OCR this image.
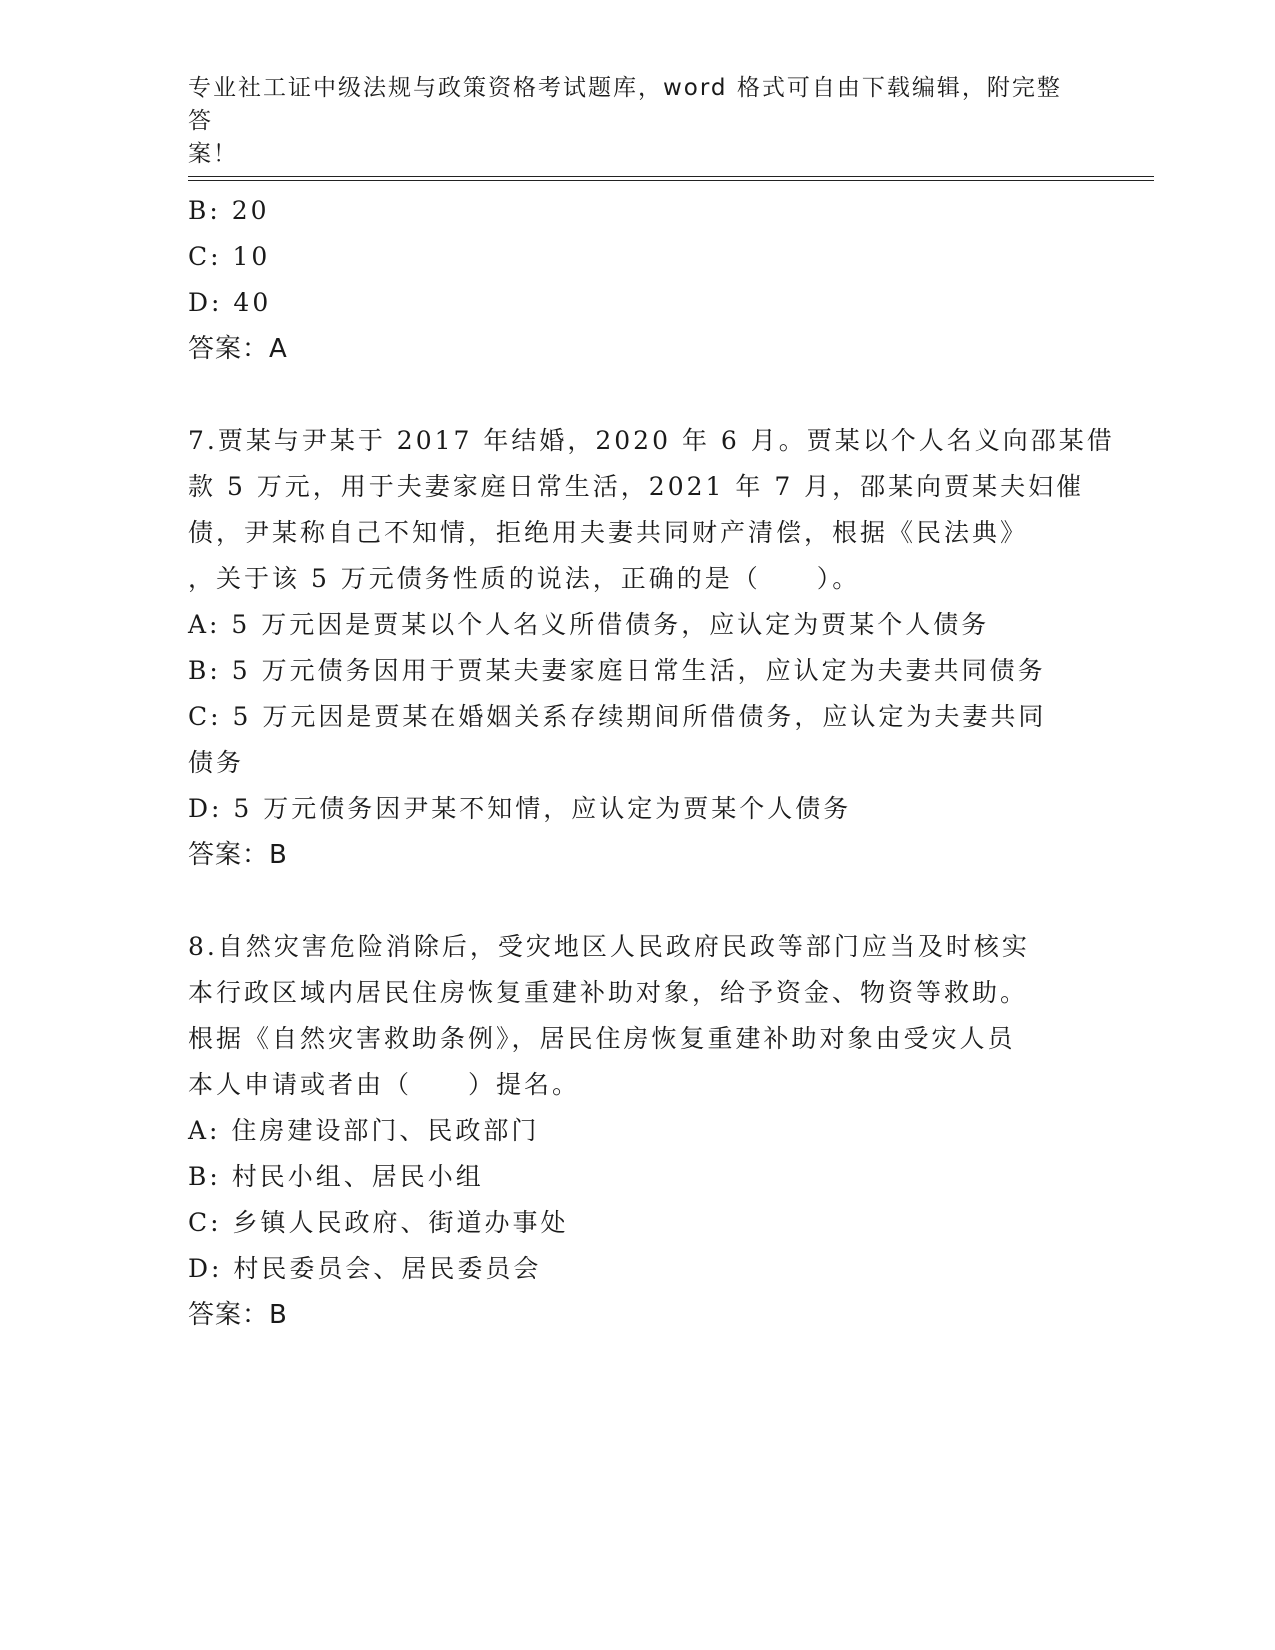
专业社工证中级法规与政策资格考试题库，word 格式可自由下载编辑，附完整答
案！
B: 20
C: 10
D: 40
答案：A
7.贾某与尹某于 2017 年结婚，2020 年 6 月。贾某以个人名义向邵某借
款 5 万元，用于夫妻家庭日常生活，2021 年 7 月，邵某向贾某夫妇催
债，尹某称自己不知情，拒绝用夫妻共同财产清偿，根据《民法典》
，关于该 5 万元债务性质的说法，正确的是（　　）。
A: 5 万元因是贾某以个人名义所借债务，应认定为贾某个人债务
B: 5 万元债务因用于贾某夫妻家庭日常生活，应认定为夫妻共同债务
C: 5 万元因是贾某在婚姻关系存续期间所借债务，应认定为夫妻共同
债务
D: 5 万元债务因尹某不知情，应认定为贾某个人债务
答案：B
8.自然灾害危险消除后，受灾地区人民政府民政等部门应当及时核实
本行政区域内居民住房恢复重建补助对象，给予资金、物资等救助。
根据《自然灾害救助条例》，居民住房恢复重建补助对象由受灾人员
本人申请或者由（　　）提名。
A: 住房建设部门、民政部门
B: 村民小组、居民小组
C: 乡镇人民政府、街道办事处
D: 村民委员会、居民委员会
答案：B
